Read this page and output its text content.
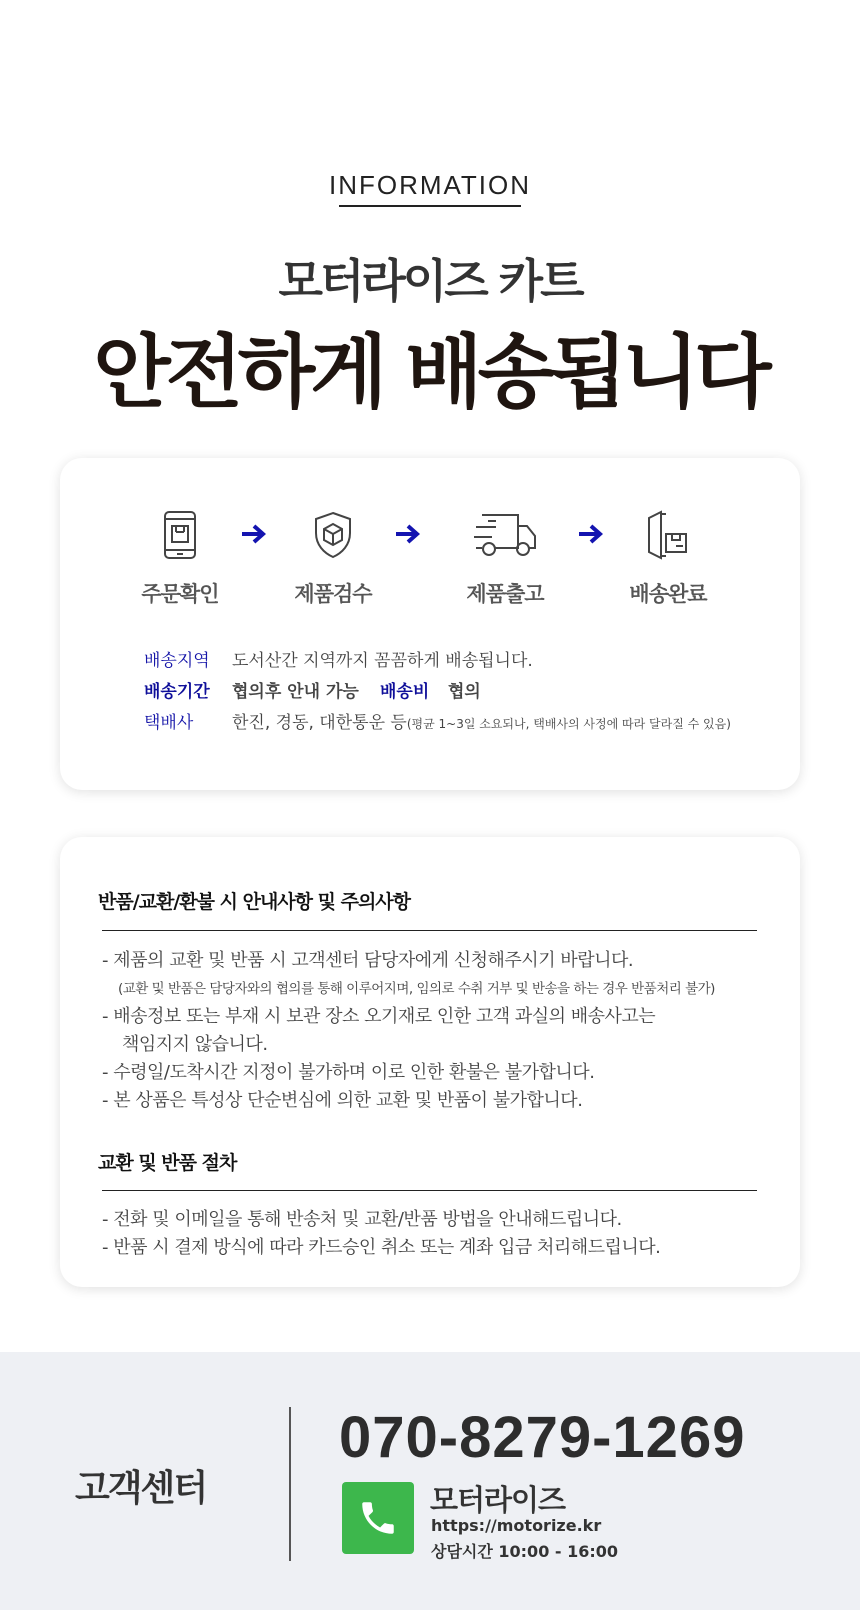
INFORMATION
모터라이즈 카트
안전하게 배송됩니다
주문확인	제품검수	제품출고	배송완료
배송지역 도서산간 지역까지 꼼꼼하게 배송됩니다.
배송기간 협의후 안내 가능 배송비 협의
택배사 한진, 경동, 대한통운 등(평균 1~3일 소요되나, 택배사의 사정에 따라 달라질 수 있음)
반품/교환/환불 시 안내사항 및 주의사항
- 제품의 교환 및 반품 시 고객센터 담당자에게 신청해주시기 바랍니다.
(교환 및 반품은 담당자와의 협의를 통해 이루어지며, 임의로 수취 거부 및 반송을 하는 경우 반품처리 불가)
- 배송정보 또는 부재 시 보관 장소 오기재로 인한 고객 과실의 배송사고는
책임지지 않습니다.
- 수령일/도착시간 지정이 불가하며 이로 인한 환불은 불가합니다.
- 본 상품은 특성상 단순변심에 의한 교환 및 반품이 불가합니다.
교환 및 반품 절차
- 전화 및 이메일을 통해 반송처 및 교환/반품 방법을 안내해드립니다.
- 반품 시 결제 방식에 따라 카드승인 취소 또는 계좌 입금 처리해드립니다.
고객센터
070-8279-1269
모터라이즈
https://motorize.kr
상담시간 10:00 - 16:00
